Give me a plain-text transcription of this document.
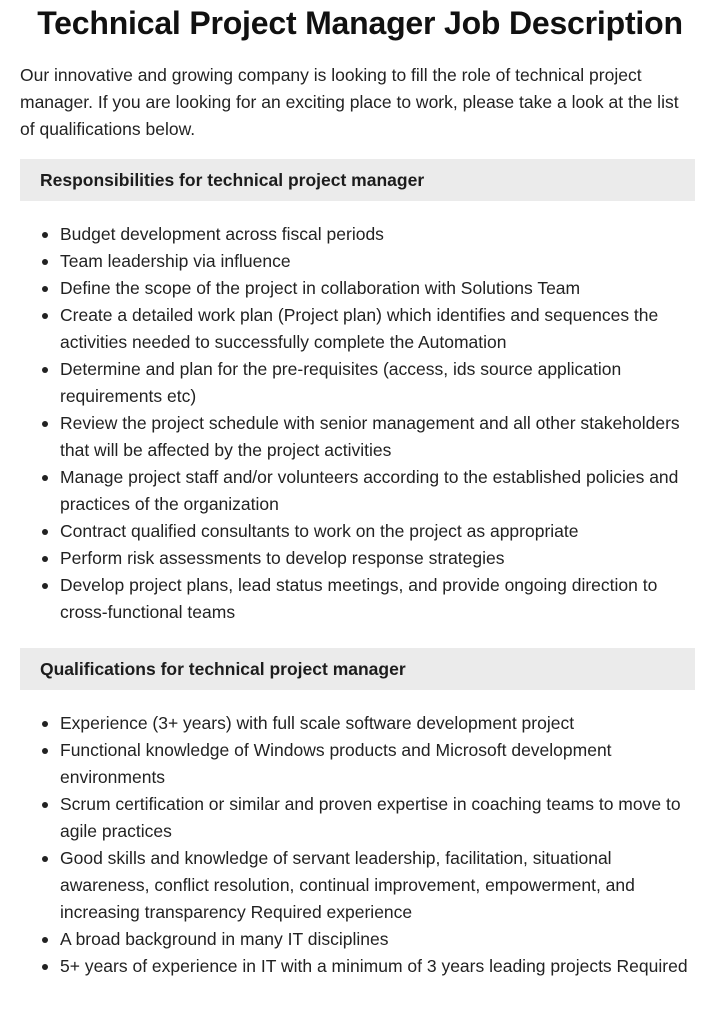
Technical Project Manager Job Description

Our innovative and growing company is looking to fill the role of technical project manager. If you are looking for an exciting place to work, please take a look at the list of qualifications below.

Responsibilities for technical project manager
Budget development across fiscal periods
Team leadership via influence
Define the scope of the project in collaboration with Solutions Team
Create a detailed work plan (Project plan) which identifies and sequences the activities needed to successfully complete the Automation
Determine and plan for the pre-requisites (access, ids source application requirements etc)
Review the project schedule with senior management and all other stakeholders that will be affected by the project activities
Manage project staff and/or volunteers according to the established policies and practices of the organization
Contract qualified consultants to work on the project as appropriate
Perform risk assessments to develop response strategies
Develop project plans, lead status meetings, and provide ongoing direction to cross-functional teams
Qualifications for technical project manager
Experience (3+ years) with full scale software development project
Functional knowledge of Windows products and Microsoft development environments
Scrum certification or similar and proven expertise in coaching teams to move to agile practices
Good skills and knowledge of servant leadership, facilitation, situational awareness, conflict resolution, continual improvement, empowerment, and increasing transparency Required experience
A broad background in many IT disciplines
5+ years of experience in IT with a minimum of 3 years leading projects Required
